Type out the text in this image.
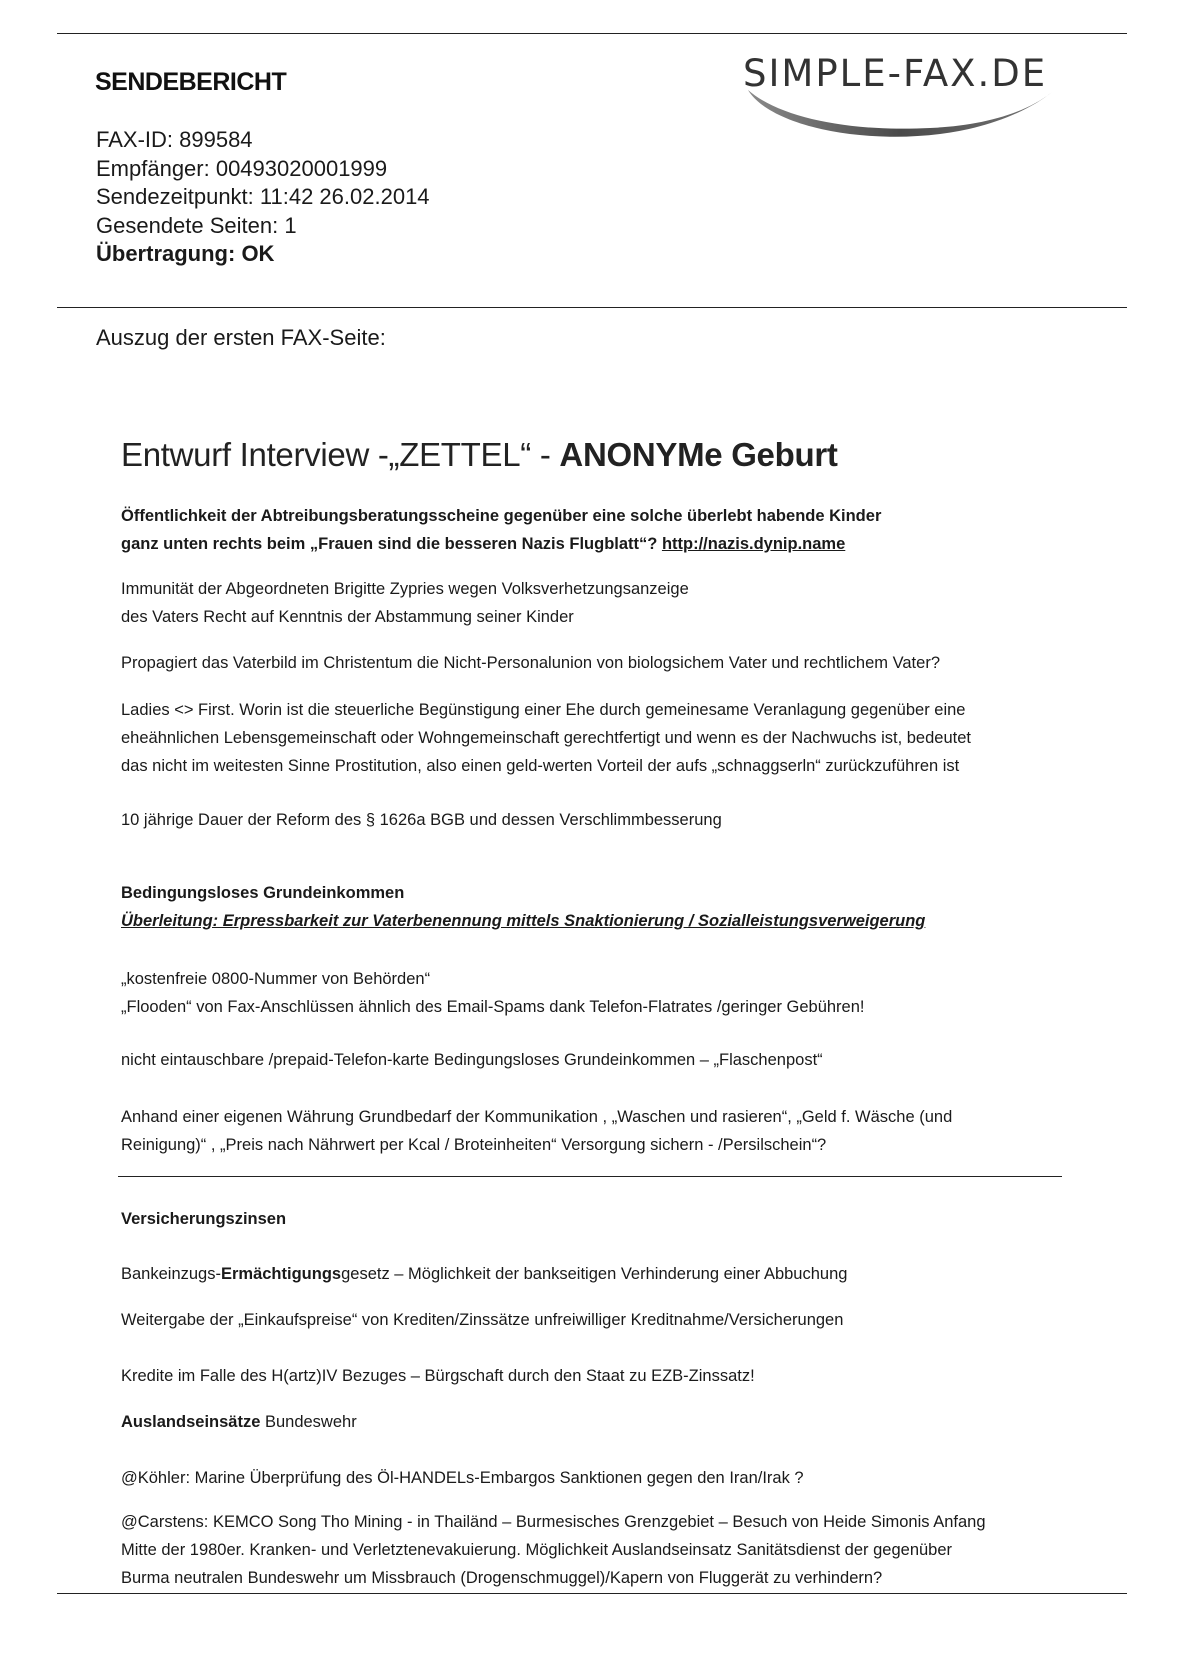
SENDEBERICHT	SIMPLE-FAX.DE
FAX-ID: 899584
Empfänger: 00493020001999
Sendezeitpunkt: 11:42 26.02.2014
Gesendete Seiten: 1
Übertragung: OK
Auszug der ersten FAX-Seite:
Entwurf Interview -„ZETTEL“ - ANONYMe Geburt

Öffentlichkeit der Abtreibungsberatungsscheine gegenüber eine solche überlebt habende Kinder

ganz unten rechts beim „Frauen sind die besseren Nazis Flugblatt“? http://nazis.dynip.name

Immunität der Abgeordneten Brigitte Zypries wegen Volksverhetzungsanzeige

des Vaters Recht auf Kenntnis der Abstammung seiner Kinder

Propagiert das Vaterbild im Christentum die Nicht-Personalunion von biologsichem Vater und rechtlichem Vater?

Ladies <> First. Worin ist die steuerliche Begünstigung einer Ehe durch gemeinesame Veranlagung gegenüber eine

eheähnlichen Lebensgemeinschaft oder Wohngemeinschaft gerechtfertigt und wenn es der Nachwuchs ist, bedeutet

das nicht im weitesten Sinne Prostitution, also einen geld-werten Vorteil der aufs „schnaggserln“ zurückzuführen ist

10 jährige Dauer der Reform des § 1626a BGB und dessen Verschlimmbesserung

Bedingungsloses Grundeinkommen

Überleitung: Erpressbarkeit zur Vaterbenennung mittels Snaktionierung / Sozialleistungsverweigerung

„kostenfreie 0800-Nummer von Behörden“

„Flooden“ von Fax-Anschlüssen ähnlich des Email-Spams dank Telefon-Flatrates /geringer Gebühren!

nicht eintauschbare /prepaid-Telefon-karte Bedingungsloses Grundeinkommen – „Flaschenpost“

Anhand einer eigenen Währung Grundbedarf der Kommunikation , „Waschen und rasieren“, „Geld f. Wäsche (und

Reinigung)“ , „Preis nach Nährwert per Kcal / Broteinheiten“ Versorgung sichern - /Persilschein“?

Versicherungszinsen

Bankeinzugs-Ermächtigungsgesetz – Möglichkeit der bankseitigen Verhinderung einer Abbuchung

Weitergabe der „Einkaufspreise“ von Krediten/Zinssätze unfreiwilliger Kreditnahme/Versicherungen

Kredite im Falle des H(artz)IV Bezuges – Bürgschaft durch den Staat zu EZB-Zinssatz!

Auslandseinsätze Bundeswehr

@Köhler: Marine Überprüfung des Öl-HANDELs-Embargos Sanktionen gegen den Iran/Irak ?

@Carstens: KEMCO Song Tho Mining - in Thailänd – Burmesisches Grenzgebiet – Besuch von Heide Simonis Anfang

Mitte der 1980er. Kranken- und Verletztenevakuierung. Möglichkeit Auslandseinsatz Sanitätsdienst der gegenüber

Burma neutralen Bundeswehr um Missbrauch (Drogenschmuggel)/Kapern von Fluggerät zu verhindern?
